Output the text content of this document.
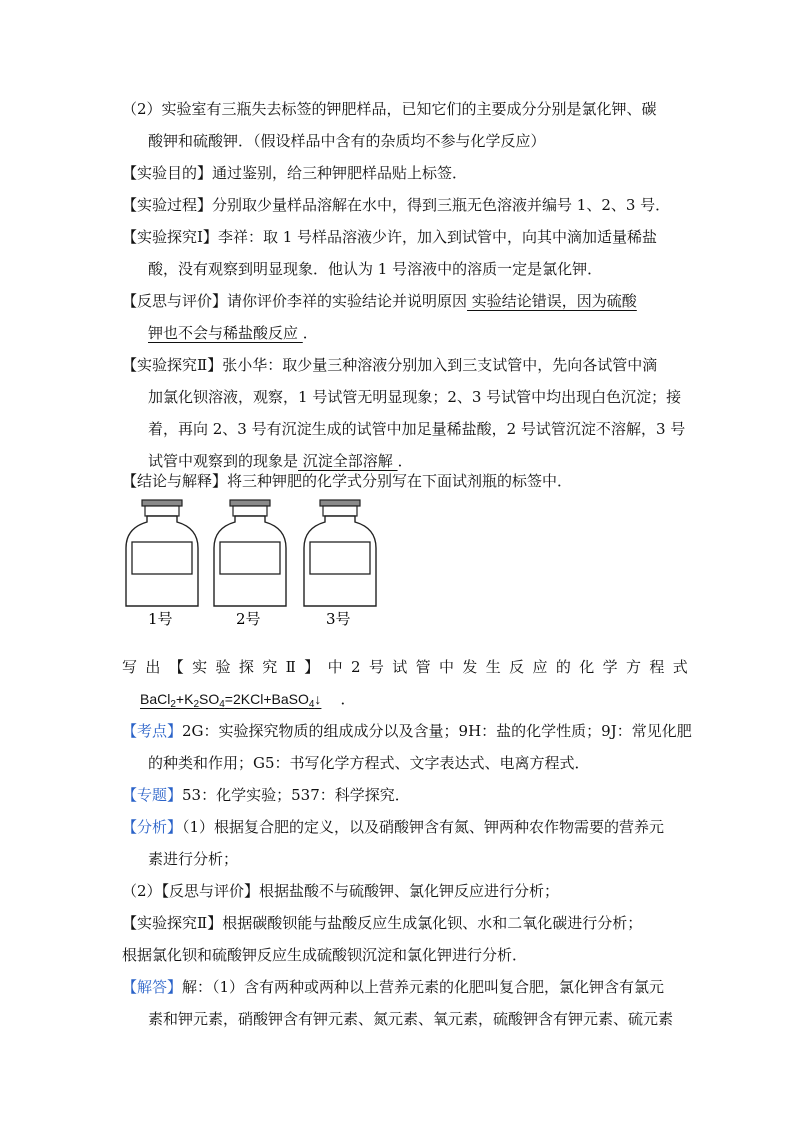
（2）实验室有三瓶失去标签的钾肥样品，已知它们的主要成分分别是氯化钾、碳
酸钾和硫酸钾．（假设样品中含有的杂质均不参与化学反应）
【实验目的】通过鉴别，给三种钾肥样品贴上标签．
【实验过程】分别取少量样品溶解在水中，得到三瓶无色溶液并编号 1、2、3 号．
【实验探究Ⅰ】李祥：取 1 号样品溶液少许，加入到试管中，向其中滴加适量稀盐
酸，没有观察到明显现象．他认为 1 号溶液中的溶质一定是氯化钾．
【反思与评价】请你评价李祥的实验结论并说明原因 实验结论错误，因为硫酸
钾也不会与稀盐酸反应 ．
【实验探究Ⅱ】张小华：取少量三种溶液分别加入到三支试管中，先向各试管中滴
加氯化钡溶液，观察，1 号试管无明显现象；2、3 号试管中均出现白色沉淀；接
着，再向 2、3 号有沉淀生成的试管中加足量稀盐酸，2 号试管沉淀不溶解，3 号
试管中观察到的现象是 沉淀全部溶解 ．
【结论与解释】将三种钾肥的化学式分别写在下面试剂瓶的标签中．
1号	2号	3号
写 出 【 实 验 探 究 Ⅱ 】 中 2 号 试 管 中 发 生 反 应 的 化 学 方 程 式
$BaCl_2+K_2SO_4=2KCl+BaSO_4↓$ ．
【考点】2G：实验探究物质的组成成分以及含量；9H：盐的化学性质；9J：常见化肥
的种类和作用；G5：书写化学方程式、文字表达式、电离方程式．
【专题】53：化学实验；537：科学探究．
【分析】（1）根据复合肥的定义，以及硝酸钾含有氮、钾两种农作物需要的营养元
素进行分析；
（2）【反思与评价】根据盐酸不与硫酸钾、氯化钾反应进行分析；
【实验探究Ⅱ】根据碳酸钡能与盐酸反应生成氯化钡、水和二氧化碳进行分析；
根据氯化钡和硫酸钾反应生成硫酸钡沉淀和氯化钾进行分析．
【解答】解：（1）含有两种或两种以上营养元素的化肥叫复合肥，氯化钾含有氯元
素和钾元素，硝酸钾含有钾元素、氮元素、氧元素，硫酸钾含有钾元素、硫元素
